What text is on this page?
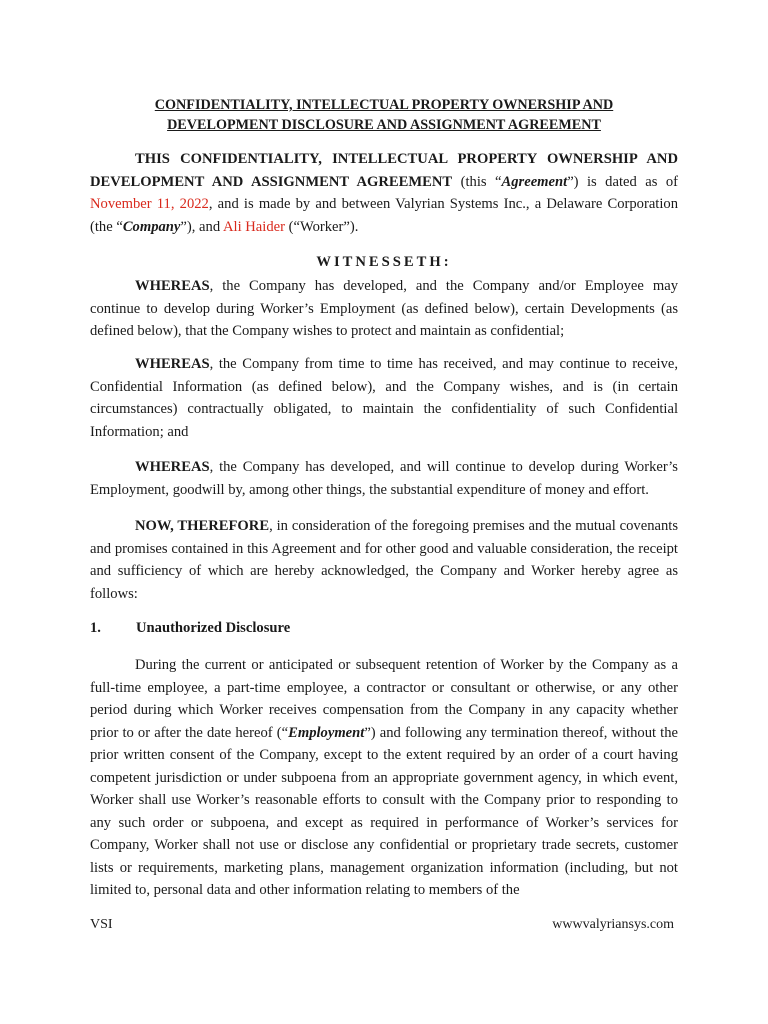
CONFIDENTIALITY, INTELLECTUAL PROPERTY OWNERSHIP AND
DEVELOPMENT DISCLOSURE AND ASSIGNMENT AGREEMENT
THIS CONFIDENTIALITY, INTELLECTUAL PROPERTY OWNERSHIP AND DEVELOPMENT AND ASSIGNMENT AGREEMENT (this “Agreement”) is dated as of November 11, 2022, and is made by and between Valyrian Systems Inc., a Delaware Corporation (the “Company”), and Ali Haider (“Worker”).
WITNESSETH:
WHEREAS, the Company has developed, and the Company and/or Employee may continue to develop during Worker’s Employment (as defined below), certain Developments (as defined below), that the Company wishes to protect and maintain as confidential;
WHEREAS, the Company from time to time has received, and may continue to receive, Confidential Information (as defined below), and the Company wishes, and is (in certain circumstances) contractually obligated, to maintain the confidentiality of such Confidential Information; and
WHEREAS, the Company has developed, and will continue to develop during Worker’s Employment, goodwill by, among other things, the substantial expenditure of money and effort.
NOW, THEREFORE, in consideration of the foregoing premises and the mutual covenants and promises contained in this Agreement and for other good and valuable consideration, the receipt and sufficiency of which are hereby acknowledged, the Company and Worker hereby agree as follows:
1. Unauthorized Disclosure
During the current or anticipated or subsequent retention of Worker by the Company as a full-time employee, a part-time employee, a contractor or consultant or otherwise, or any other period during which Worker receives compensation from the Company in any capacity whether prior to or after the date hereof (“Employment”) and following any termination thereof, without the prior written consent of the Company, except to the extent required by an order of a court having competent jurisdiction or under subpoena from an appropriate government agency, in which event, Worker shall use Worker’s reasonable efforts to consult with the Company prior to responding to any such order or subpoena, and except as required in performance of Worker’s services for Company, Worker shall not use or disclose any confidential or proprietary trade secrets, customer lists or requirements, marketing plans, management organization information (including, but not limited to, personal data and other information relating to members of the
VSI	wwwvalyriansys.com
